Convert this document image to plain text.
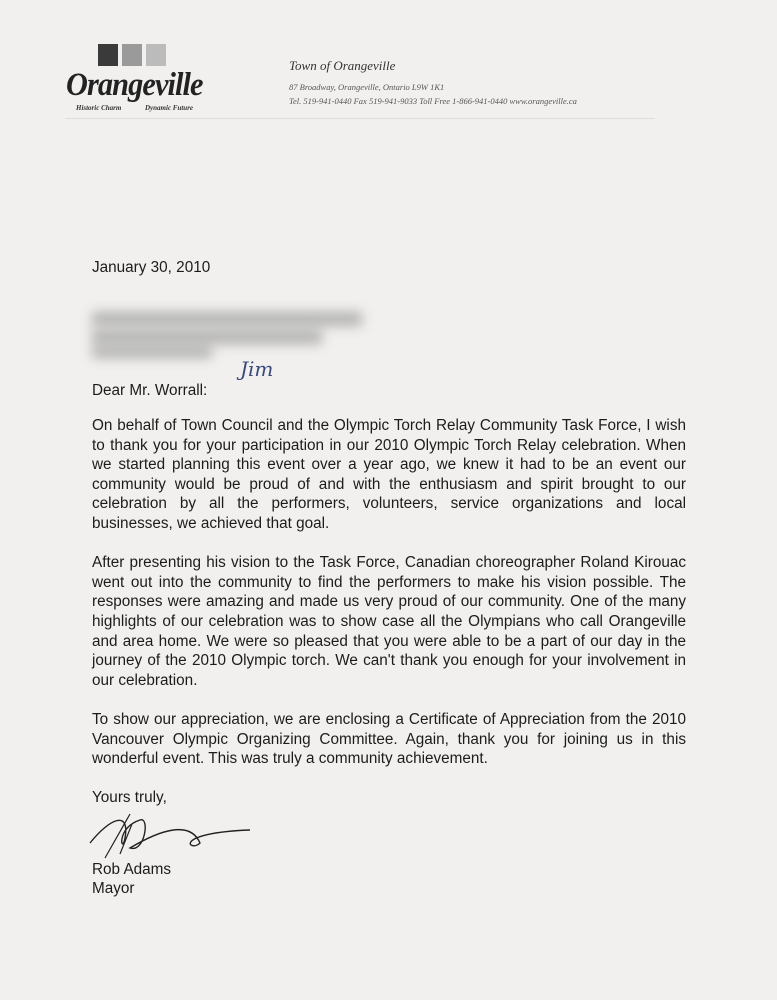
Orangeville
Historic Charm	Dynamic Future
Town of Orangeville
87 Broadway, Orangeville, Ontario L9W 1K1
Tel. 519-941-0440 Fax 519-941-9033 Toll Free 1-866-941-0440 www.orangeville.ca
January 30, 2010
Dear Mr. Worrall:
Jim

On behalf of Town Council and the Olympic Torch Relay Community Task Force, I wish to thank you for your participation in our 2010 Olympic Torch Relay celebration. When we started planning this event over a year ago, we knew it had to be an event our community would be proud of and with the enthusiasm and spirit brought to our celebration by all the performers, volunteers, service organizations and local businesses, we achieved that goal.

After presenting his vision to the Task Force, Canadian choreographer Roland Kirouac went out into the community to find the performers to make his vision possible. The responses were amazing and made us very proud of our community. One of the many highlights of our celebration was to show case all the Olympians who call Orangeville and area home. We were so pleased that you were able to be a part of our day in the journey of the 2010 Olympic torch. We can't thank you enough for your involvement in our celebration.

To show our appreciation, we are enclosing a Certificate of Appreciation from the 2010 Vancouver Olympic Organizing Committee. Again, thank you for joining us in this wonderful event. This was truly a community achievement.

Yours truly,
Rob Adams
Mayor
